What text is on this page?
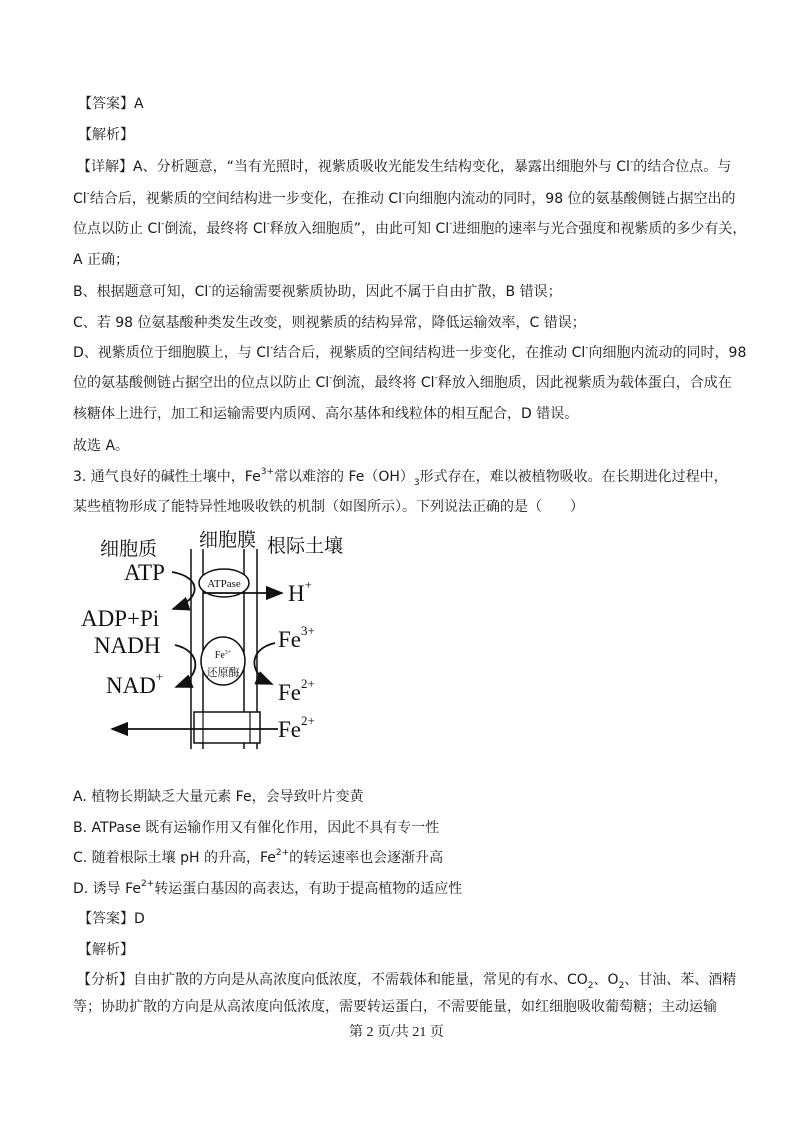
【答案】A
【解析】
【详解】A、分析题意，“当有光照时，视紫质吸收光能发生结构变化，暴露出细胞外与 Cl-的结合位点。与
Cl-结合后，视紫质的空间结构进一步变化，在推动 Cl-向细胞内流动的同时，98 位的氨基酸侧链占据空出的
位点以防止 Cl-倒流，最终将 Cl-释放入细胞质”，由此可知 Cl-进细胞的速率与光合强度和视紫质的多少有关，
A 正确；
B、根据题意可知，Cl-的运输需要视紫质协助，因此不属于自由扩散，B 错误；
C、若 98 位氨基酸种类发生改变，则视紫质的结构异常，降低运输效率，C 错误；
D、视紫质位于细胞膜上，与 Cl-结合后，视紫质的空间结构进一步变化，在推动 Cl-向细胞内流动的同时，98
位的氨基酸侧链占据空出的位点以防止 Cl-倒流，最终将 Cl-释放入细胞质，因此视紫质为载体蛋白，合成在
核糖体上进行，加工和运输需要内质网、高尔基体和线粒体的相互配合，D 错误。
故选 A。
3. 通气良好的碱性土壤中，$Fe^{3+}$常以难溶的 $Fe(OH)_3$形式存在，难以被植物吸收。在长期进化过程中，
某些植物形成了能特异性地吸收铁的机制（如图所示）。下列说法正确的是（　　）
细胞质 细胞膜 根际土壤
ATPase
ATP
ADP+Pi
H+
$Fe^{3+}$
还原酶
NADH
NAD+
$Fe^{3+}$
$Fe^{2+}$
$Fe^{2+}$
A. 植物长期缺乏大量元素 Fe，会导致叶片变黄
B. ATPase 既有运输作用又有催化作用，因此不具有专一性
C. 随着根际土壤 pH 的升高，$Fe^{2+}$的转运速率也会逐渐升高
D. 诱导 $Fe^{2+}$转运蛋白基因的高表达，有助于提高植物的适应性
【答案】D
【解析】
【分析】自由扩散的方向是从高浓度向低浓度，不需载体和能量，常见的有水、$CO_2$、$O_2$、甘油、苯、酒精
等；协助扩散的方向是从高浓度向低浓度，需要转运蛋白，不需要能量，如红细胞吸收葡萄糖；主动运输
第 2 页/共 21 页
